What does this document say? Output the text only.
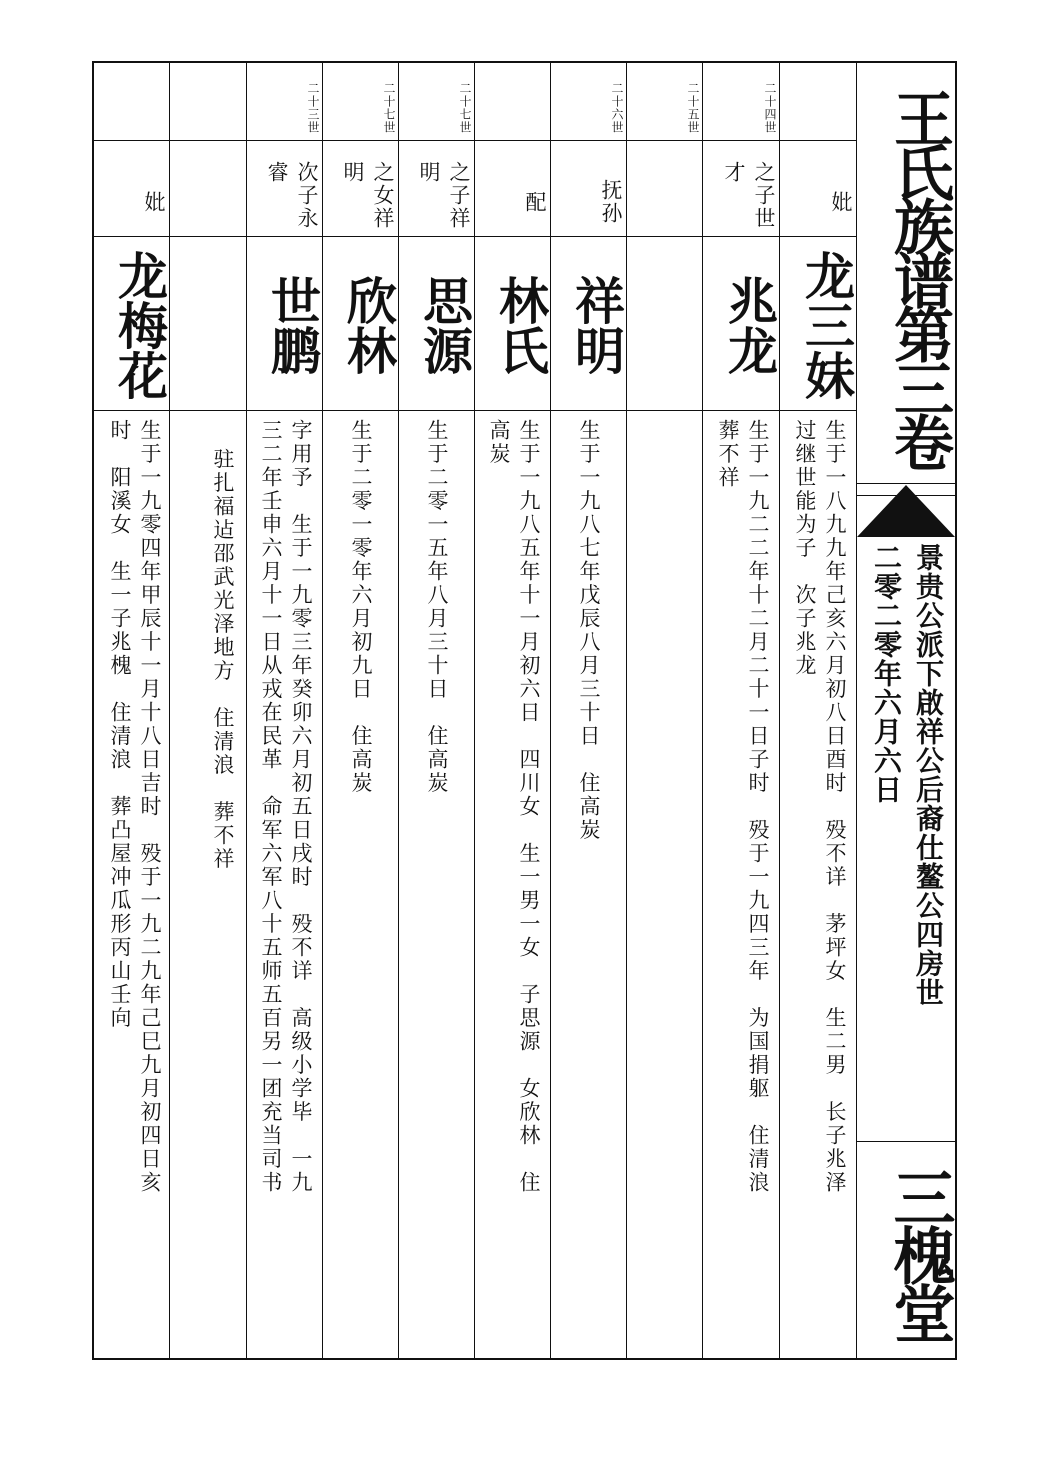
妣
龙三妹
生于一八九九年己亥六月初八日酉时　殁不详　茅坪女　生二男　长子兆泽
过继世能为子　次子兆龙
二十四世
之子世才
兆龙
生于一九二二年十二月二十一日子时　殁于一九四三年　为国捐躯　住清浪
葬不祥
二十五世
二十六世
抚孙
祥明
生于一九八七年戊辰八月三十日　住高炭
配
林氏
生于一九八五年十一月初六日　四川女　生一男一女　子思源　女欣林　住
高炭
二十七世
之子祥明
思源
生于二零一五年八月三十日　住高炭
二十七世
之女祥明
欣林
生于二零一零年六月初九日　住高炭
二十三世
次子永睿
世鹏
字用予　生于一九零三年癸卯六月初五日戌时　殁不详　高级小学毕　一九
三二年壬申六月十一日从戎在民革　命军六军八十五师五百另一团充当司书
驻扎福迠邵武光泽地方　住清浪　葬不祥
妣
龙梅花
生于一九零四年甲辰十一月十八日吉时　殁于一九二九年己巳九月初四日亥
时　阳溪女　生一子兆槐　住清浪　葬凸屋冲瓜形丙山壬向
王氏族谱第三卷
景贵公派下啟祥公后裔仕鳌公四房世
二零二零年六月六日
三槐堂
